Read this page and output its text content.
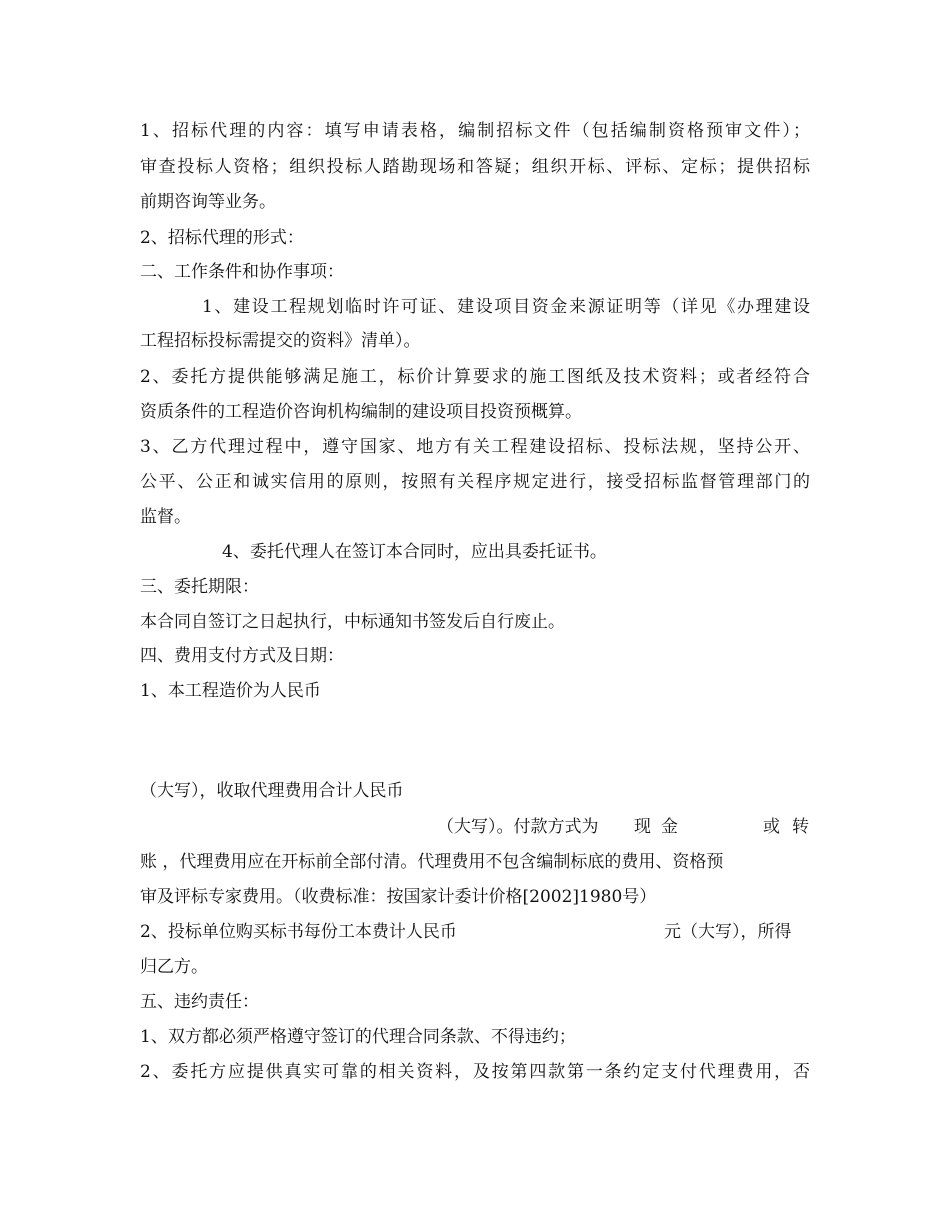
1、招标代理的内容：填写申请表格，编制招标文件（包括编制资格预审文件）；
审查投标人资格；组织投标人踏勘现场和答疑；组织开标、评标、定标；提供招标
前期咨询等业务。
2、招标代理的形式：
二、工作条件和协作事项：
1、建设工程规划临时许可证、建设项目资金来源证明等（详见《办理建设
工程招标投标需提交的资料》清单）。
2、委托方提供能够满足施工，标价计算要求的施工图纸及技术资料；或者经符合
资质条件的工程造价咨询机构编制的建设项目投资预概算。
3、乙方代理过程中，遵守国家、地方有关工程建设招标、投标法规，坚持公开、
公平、公正和诚实信用的原则，按照有关程序规定进行，接受招标监督管理部门的
监督。
4、委托代理人在签订本合同时，应出具委托证书。
三、委托期限：
本合同自签订之日起执行，中标通知书签发后自行废止。
四、费用支付方式及日期：
1、本工程造价为人民币
（大写），收取代理费用合计人民币
（大写）。付款方式为 现 金	或 转
账 ，代理费用应在开标前全部付清。代理费用不包含编制标底的费用、资格预
审及评标专家费用。（收费标准：按国家计委计价格[2002]1980号）
2、投标单位购买标书每份工本费计人民币	元（大写），所得
归乙方。
五、违约责任：
1、双方都必须严格遵守签订的代理合同条款、不得违约；
2、委托方应提供真实可靠的相关资料，及按第四款第一条约定支付代理费用，否
